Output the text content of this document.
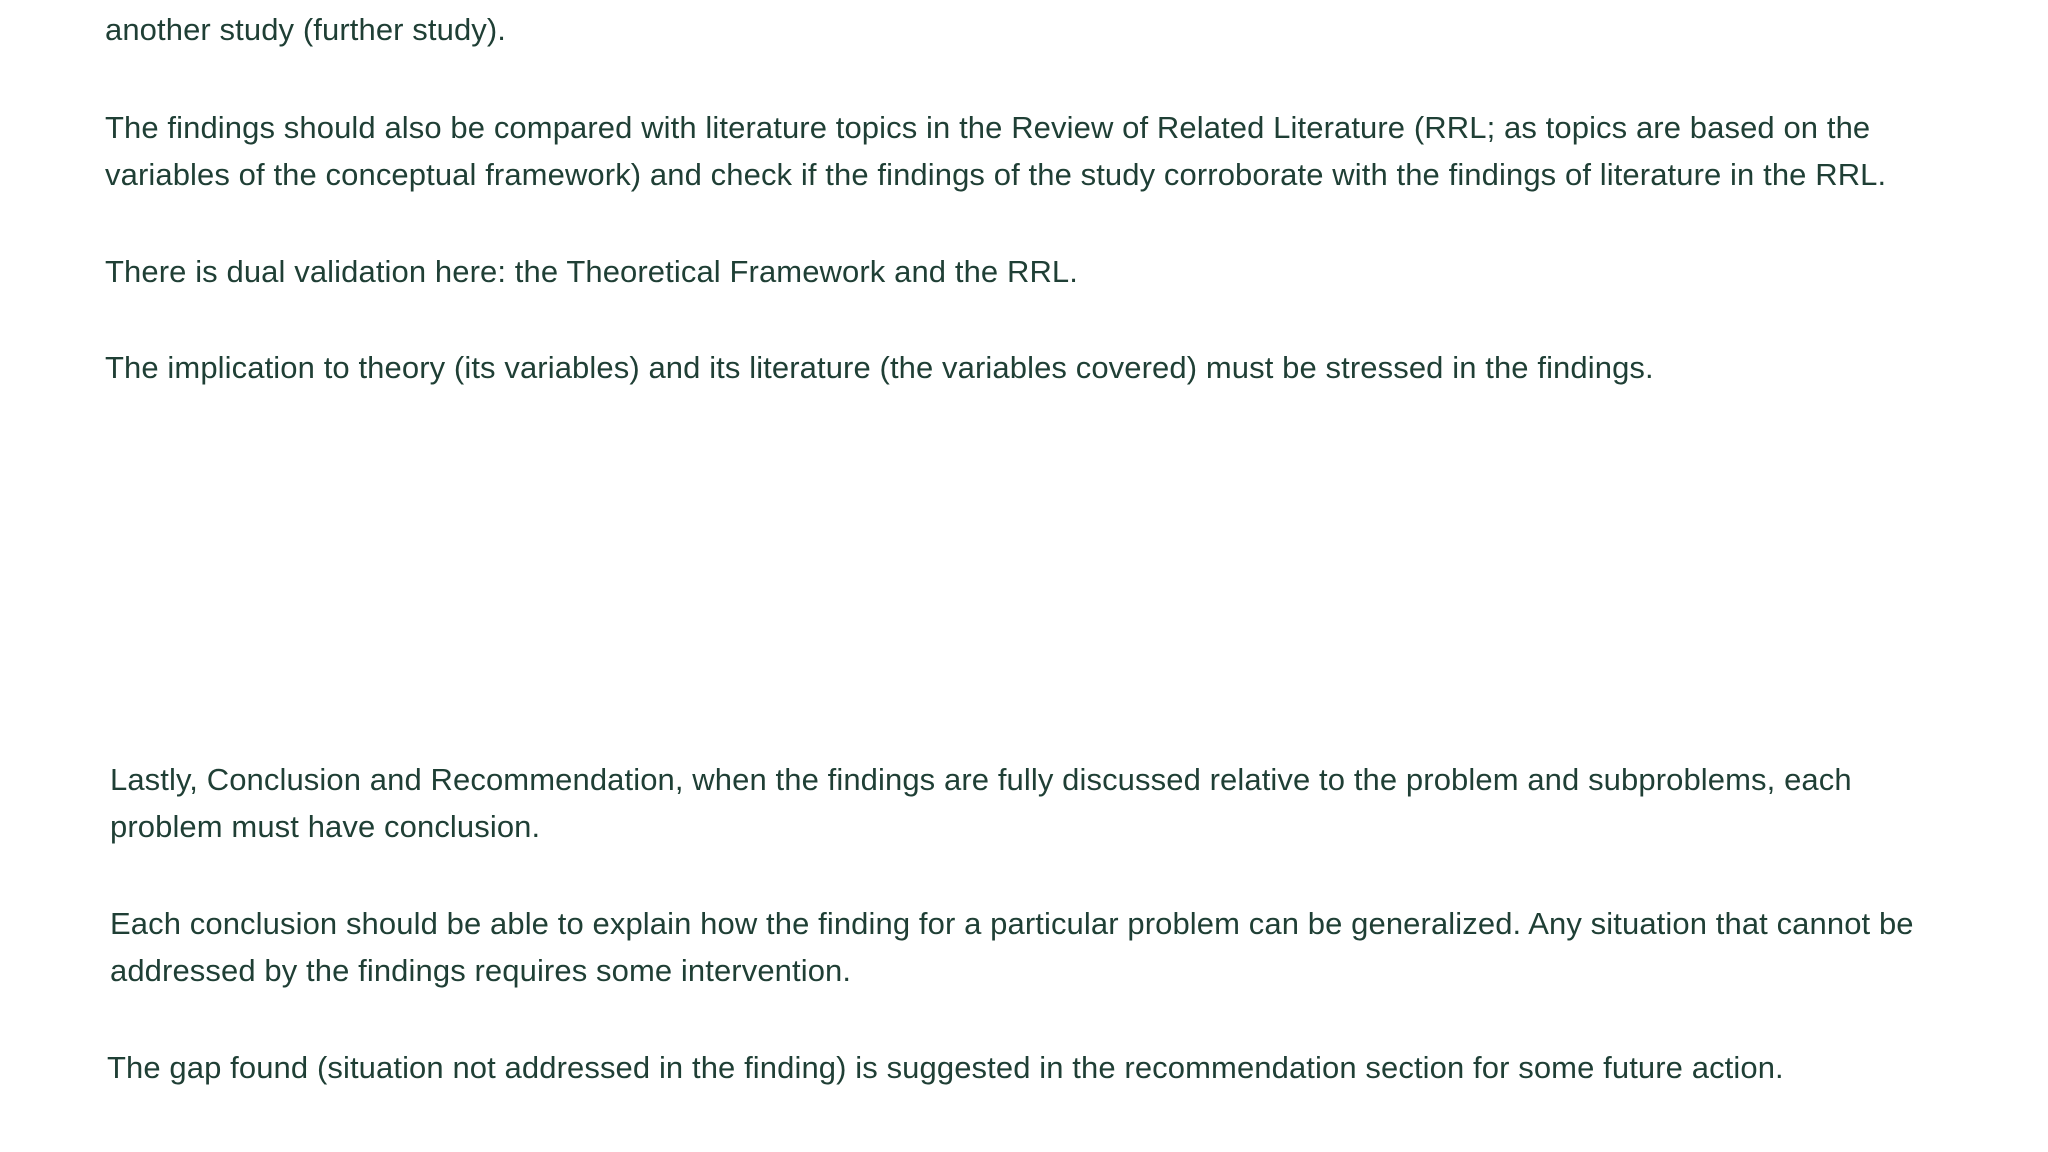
another study (further study).
The findings should also be compared with literature topics in the Review of Related Literature (RRL; as topics are based on the
variables of the conceptual framework) and check if the findings of the study corroborate with the findings of literature in the RRL.
There is dual validation here: the Theoretical Framework and the RRL.
The implication to theory (its variables) and its literature (the variables covered) must be stressed in the findings.
Lastly, Conclusion and Recommendation, when the findings are fully discussed relative to the problem and subproblems, each
problem must have conclusion.
Each conclusion should be able to explain how the finding for a particular problem can be generalized. Any situation that cannot be
addressed by the findings requires some intervention.
The gap found (situation not addressed in the finding) is suggested in the recommendation section for some future action.
